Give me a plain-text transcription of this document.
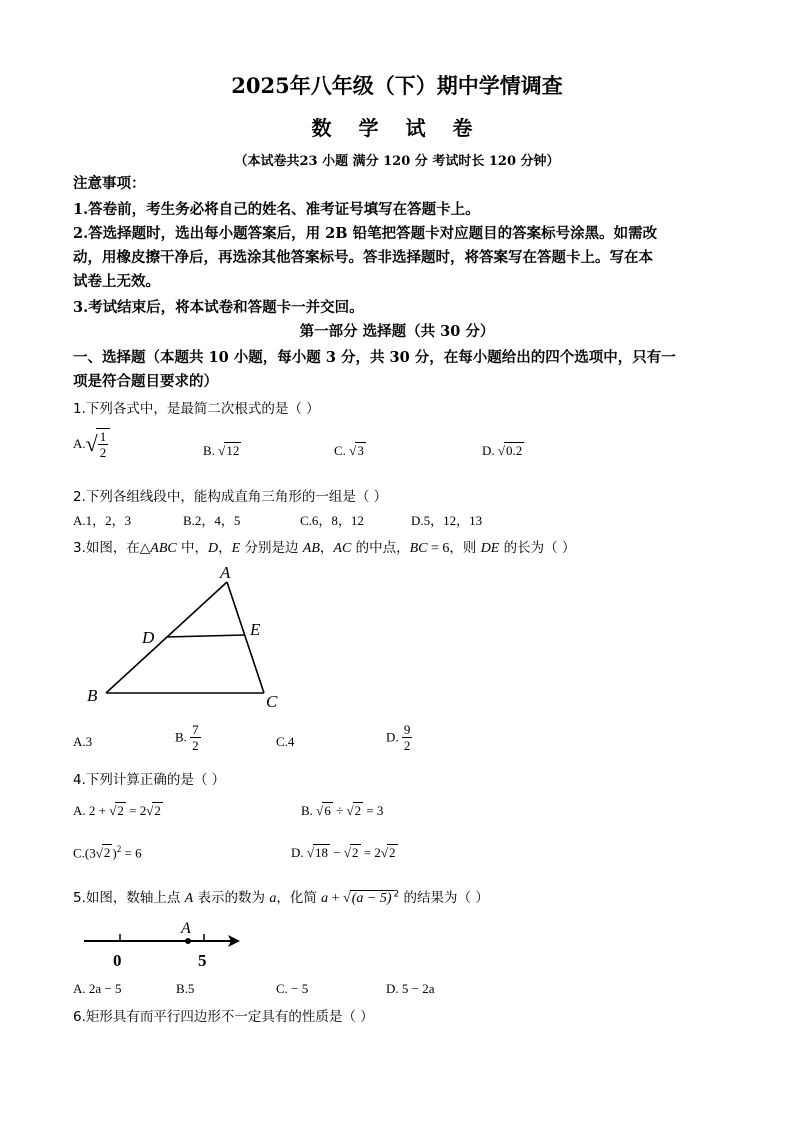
2025年八年级（下）期中学情调查
数 学 试 卷
（本试卷共23 小题 满分 120 分 考试时长 120 分钟）
注意事项：
1.答卷前，考生务必将自己的姓名、准考证号填写在答题卡上。
2.答选择题时，选出每小题答案后，用 2B 铅笔把答题卡对应题目的答案标号涂黑。如需改
动，用橡皮擦干净后，再选涂其他答案标号。答非选择题时，将答案写在答题卡上。写在本
试卷上无效。
3.考试结束后，将本试卷和答题卡一并交回。
第一部分 选择题（共 30 分）
一、选择题（本题共 10 小题，每小题 3 分，共 30 分，在每小题给出的四个选项中，只有一
项是符合题目要求的）
1.下列各式中，是最简二次根式的是（ ）
A.√
$\frac{1}{2}$	B. √12	C. √3	D. √0.2
2.下列各组线段中，能构成直角三角形的一组是（ ）
A.1，2，3	B.2，4，5	C.6，8，12	D.5，12，13
3.如图，在△ABC 中，D，E 分别是边 AB，AC 的中点，BC = 6，则 DE 的长为（ ）
A
B	C
D	E
A.3	B. $\frac{7}{2}$	C.4	D. $\frac{9}{2}$
4.下列计算正确的是（ ）
A. 2 + √2 = 2√2	B. √6 ÷ √2 = 3
C.(3√2 )$^2$ = 6	D. √18 − √2 = 2√2
5.如图，数轴上点 A 表示的数为 a，化简 a + √(a − 5) $^2$ 的结果为（ ）
A
0	5
A. 2a − 5	B.5	C. − 5	D. 5 − 2a
6.矩形具有而平行四边形不一定具有的性质是（ ）
